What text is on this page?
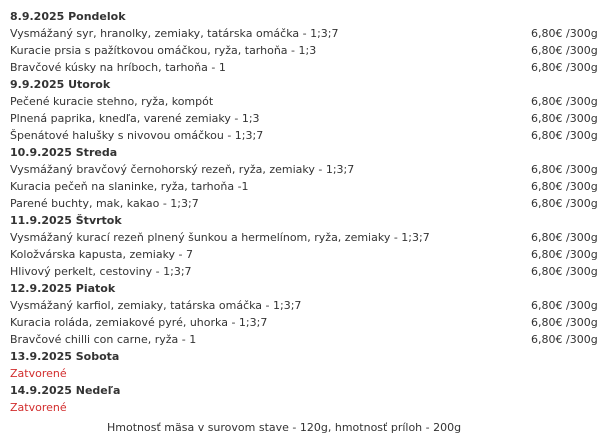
8.9.2025 Pondelok
Vysmážaný syr, hranolky, zemiaky, tatárska omáčka - 1;3;7	6,80€ /300g
Kuracie prsia s pažítkovou omáčkou, ryža, tarhoňa - 1;3	6,80€ /300g
Bravčové kúsky na hríboch, tarhoňa - 1	6,80€ /300g
9.9.2025 Utorok
Pečené kuracie stehno, ryža, kompót	6,80€ /300g
Plnená paprika, knedľa, varené zemiaky - 1;3	6,80€ /300g
Špenátové halušky s nivovou omáčkou - 1;3;7	6,80€ /300g
10.9.2025 Streda
Vysmážaný bravčový černohorský rezeň, ryža, zemiaky - 1;3;7	6,80€ /300g
Kuracia pečeň na slaninke, ryža, tarhoňa -1	6,80€ /300g
Parené buchty, mak, kakao - 1;3;7	6,80€ /300g
11.9.2025 Štvrtok
Vysmážaný kurací rezeň plnený šunkou a hermelínom, ryža, zemiaky - 1;3;7	6,80€ /300g
Koložvárska kapusta, zemiaky - 7	6,80€ /300g
Hlivový perkelt, cestoviny - 1;3;7	6,80€ /300g
12.9.2025 Piatok
Vysmážaný karfiol, zemiaky, tatárska omáčka - 1;3;7	6,80€ /300g
Kuracia roláda, zemiakové pyré, uhorka - 1;3;7	6,80€ /300g
Bravčové chilli con carne, ryža - 1	6,80€ /300g
13.9.2025 Sobota
Zatvorené
14.9.2025 Nedeľa
Zatvorené
Hmotnosť mäsa v surovom stave - 120g, hmotnosť príloh - 200g
